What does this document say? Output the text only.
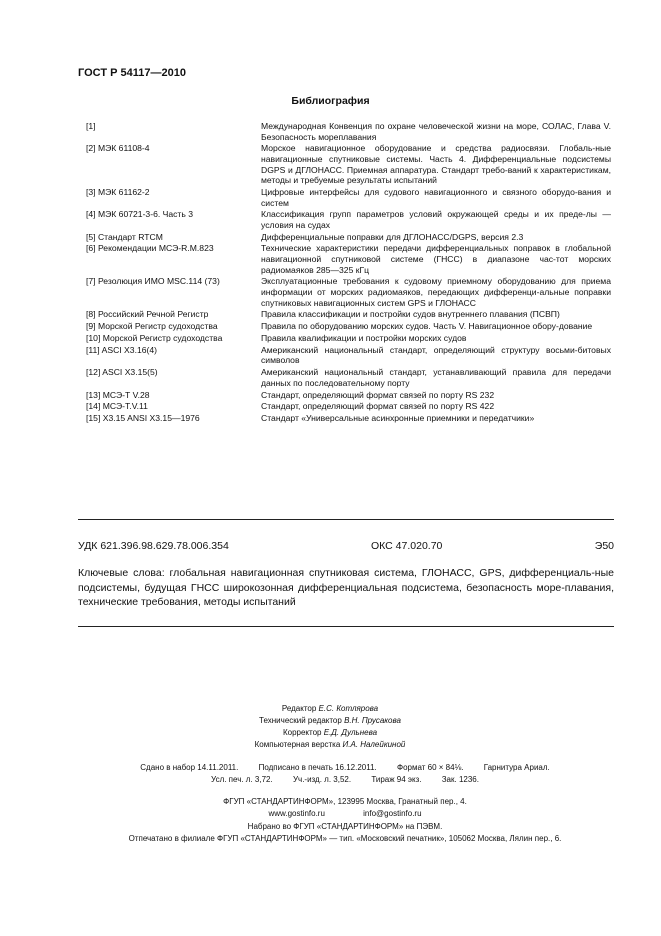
ГОСТ Р 54117—2010
Библиография
[1]	Международная Конвенция по охране человеческой жизни на море, СОЛАС, Глава V. Безопасность мореплавания
[2] МЭК 61108-4	Морское навигационное оборудование и средства радиосвязи. Глобаль-ные навигационные спутниковые системы. Часть 4. Дифференциальные подсистемы DGPS и ДГЛОНАСС. Приемная аппаратура. Стандарт требо-ваний к характеристикам, методы и требуемые результаты испытаний
[3] МЭК 61162-2	Цифровые интерфейсы для судового навигационного и связного оборудо-вания и систем
[4] МЭК 60721-3-6. Часть 3	Классификация групп параметров условий окружающей среды и их преде-лы — условия на судах
[5] Стандарт RTCM	Дифференциальные поправки для ДГЛОНАСС/DGPS, версия 2.3
[6] Рекомендации МСЭ-R.M.823	Технические характеристики передачи дифференциальных поправок в глобальной навигационной спутниковой системе (ГНСС) в диапазоне час-тот морских радиомаяков 285—325 кГц
[7] Резолюция ИМО MSC.114 (73)	Эксплуатационные требования к судовому приемному оборудованию для приема информации от морских радиомаяков, передающих дифференци-альные поправки спутниковых навигационных систем GPS и ГЛОНАСС
[8] Российский Речной Регистр	Правила классификации и постройки судов внутреннего плавания (ПСВП)
[9] Морской Регистр судоходства	Правила по оборудованию морских судов. Часть V. Навигационное обору-дование
[10] Морской Регистр судоходства	Правила квалификации и постройки морских судов
[11] ASCI X3.16(4)	Американский национальный стандарт, определяющий структуру восьми-битовых символов
[12] ASCI X3.15(5)	Американский национальный стандарт, устанавливающий правила для передачи данных по последовательному порту
[13] МСЭ-Т V.28	Стандарт, определяющий формат связей по порту RS 232
[14] МСЭ-Т.V.11	Стандарт, определяющий формат связей по порту RS 422
[15] X3.15 ANSI X3.15—1976	Стандарт «Универсальные асинхронные приемники и передатчики»
УДК 621.396.98.629.78.006.354	ОКС 47.020.70	Э50
Ключевые слова: глобальная навигационная спутниковая система, ГЛОНАСС, GPS, дифференциаль-ные подсистемы, будущая ГНСС широкозонная дифференциальная подсистема, безопасность море-плавания, технические требования, методы испытаний
Редактор Е.С. Котлярова
Технический редактор В.Н. Прусакова
Корректор Е.Д. Дульнева
Компьютерная верстка И.А. Налейкиной
Сдано в набор 14.11.2011.	Подписано в печать 16.12.2011.	Формат 60 × 84⅛.	Гарнитура Ариал.
Усл. печ. л. 3,72.	Уч.-изд. л. 3,52.	Тираж 94 экз.	Зак. 1236.
ФГУП «СТАНДАРТИНФОРМ», 123995 Москва, Гранатный пер., 4.
www.gostinfo.ru	info@gostinfo.ru
Набрано во ФГУП «СТАНДАРТИНФОРМ» на ПЭВМ.
Отпечатано в филиале ФГУП «СТАНДАРТИНФОРМ» — тип. «Московский печатник», 105062 Москва, Лялин пер., 6.
